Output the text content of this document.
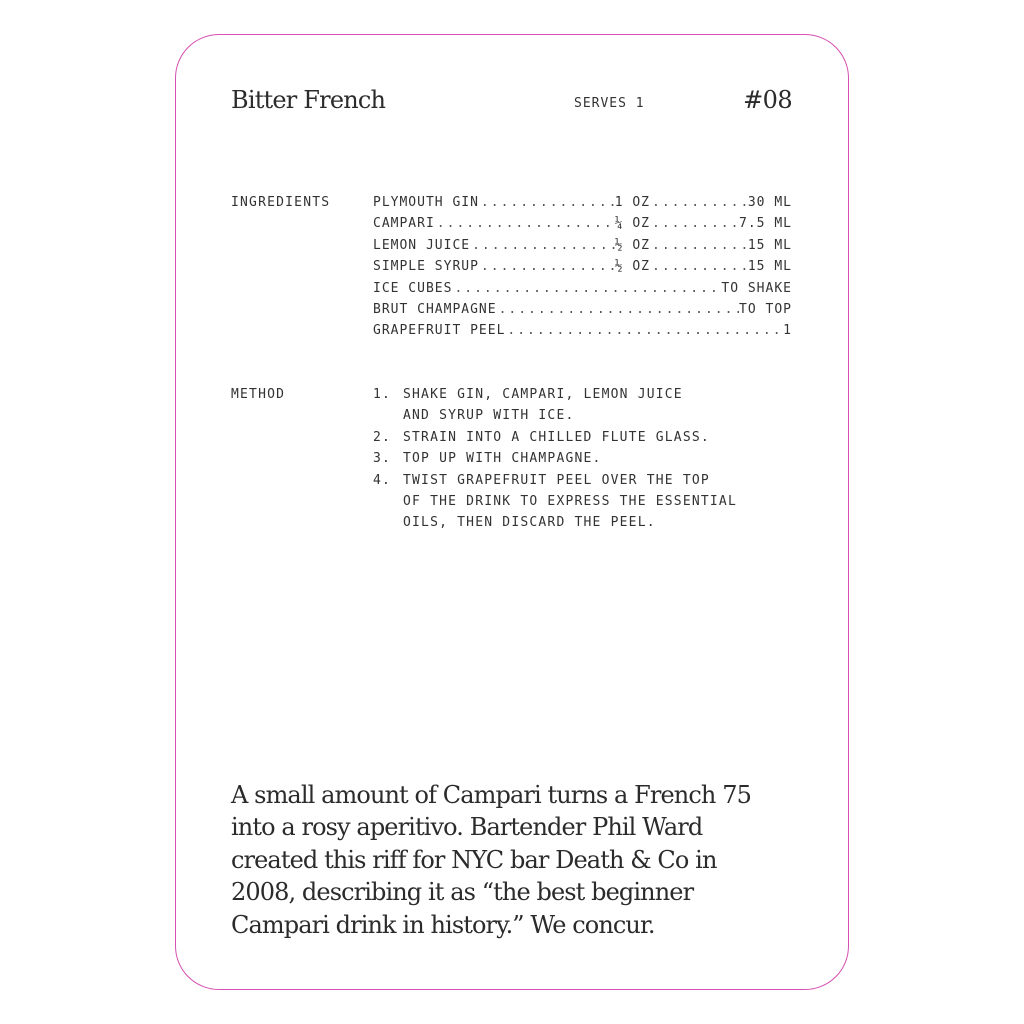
Bitter French	SERVES 1	#08
INGREDIENTS	PLYMOUTH GIN .....	1 OZ .....	30 ML
CAMPARI .....	¼ OZ .....	7.5 ML
LEMON JUICE .....	½ OZ .....	15 ML
SIMPLE SYRUP .....	½ OZ .....	15 ML
ICE CUBES .....	TO SHAKE
BRUT CHAMPAGNE .....	TO TOP
GRAPEFRUIT PEEL .....	1
METHOD	1. SHAKE GIN, CAMPARI, LEMON JUICE
AND SYRUP WITH ICE.
2. STRAIN INTO A CHILLED FLUTE GLASS.
3. TOP UP WITH CHAMPAGNE.
4. TWIST GRAPEFRUIT PEEL OVER THE TOP
OF THE DRINK TO EXPRESS THE ESSENTIAL
OILS, THEN DISCARD THE PEEL.
A small amount of Campari turns a French 75
into a rosy aperitivo. Bartender Phil Ward
created this riff for NYC bar Death & Co in
2008, describing it as “the best beginner
Campari drink in history.” We concur.
